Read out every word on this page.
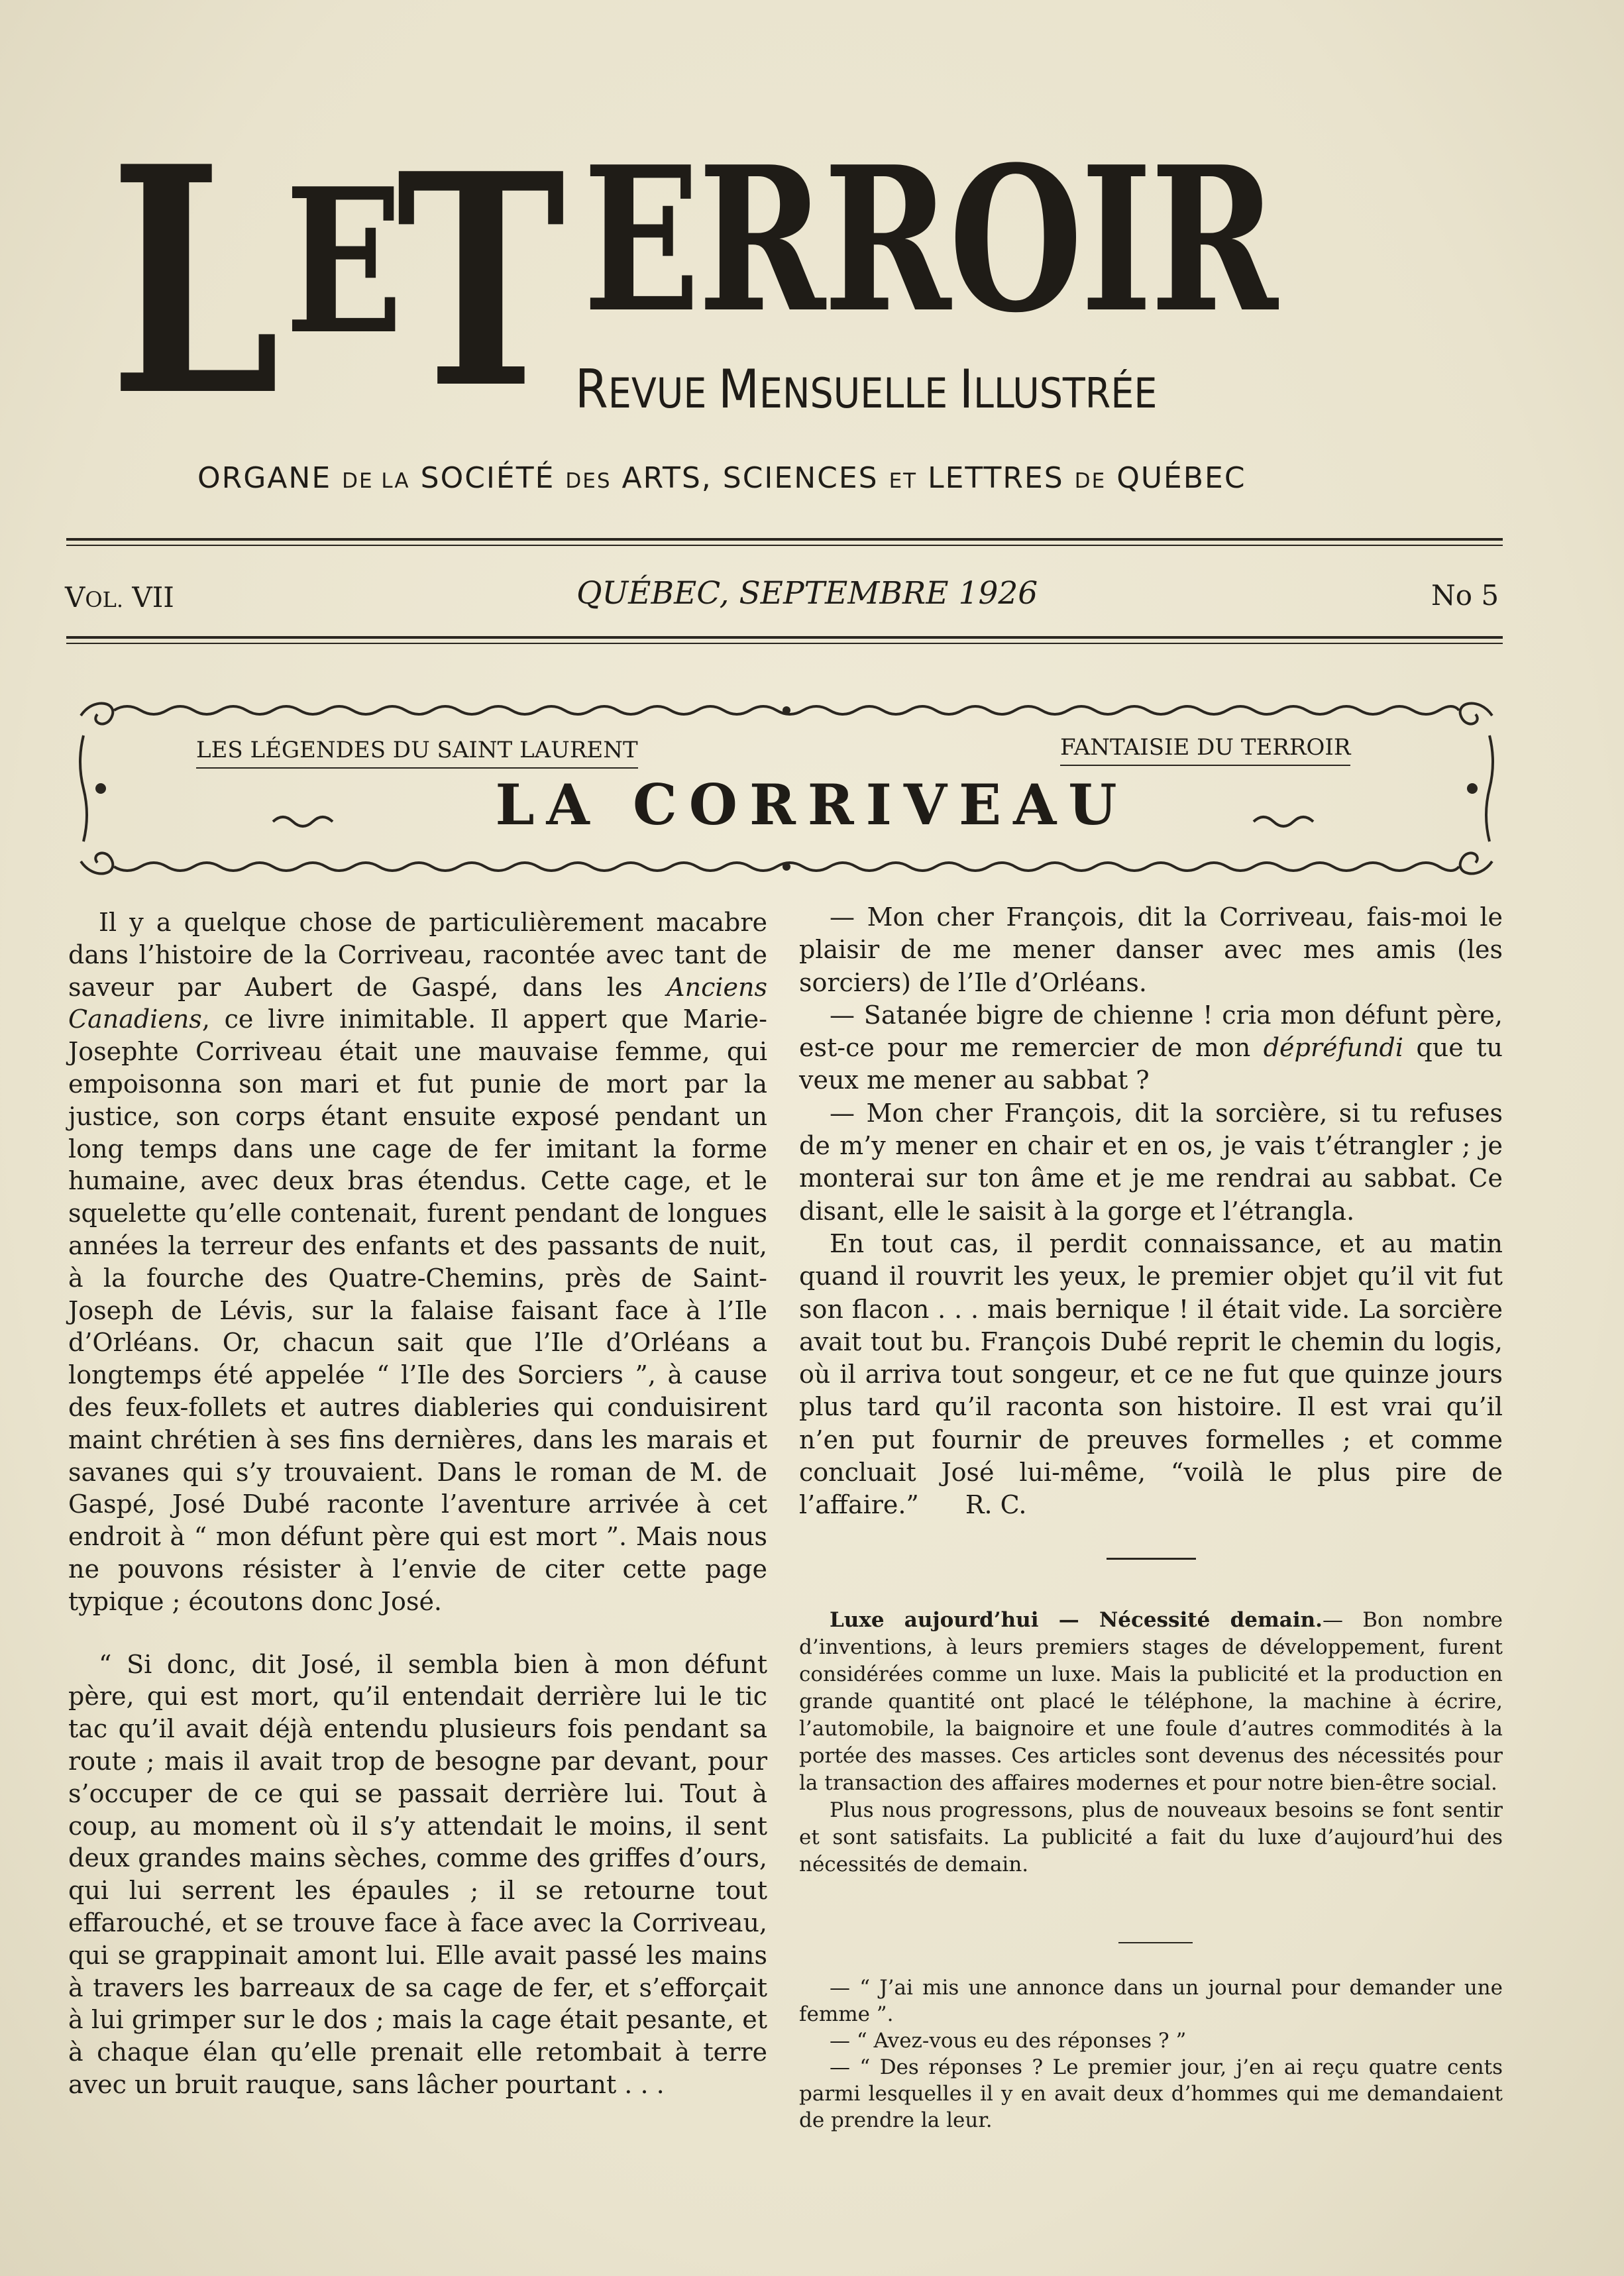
L E
T ERROIR
REVUE MENSUELLE ILLUSTRÉE
ORGANE DE LA SOCIÉTÉ DES ARTS, SCIENCES ET LETTRES DE QUÉBEC
VOL. VII	QUÉBEC, SEPTEMBRE 1926	No 5
LES LÉGENDES DU SAINT LAURENT	FANTAISIE DU TERROIR
LA CORRIVEAU

Il y a quelque chose de particulièrement macabre dans l’histoire de la Corriveau, racontée avec tant de saveur par Aubert de Gaspé, dans les Anciens Canadiens, ce livre inimitable. Il appert que Marie-Josephte Corriveau était une mauvaise femme, qui empoisonna son mari et fut punie de mort par la justice, son corps étant ensuite exposé pendant un long temps dans une cage de fer imitant la forme humaine, avec deux bras étendus. Cette cage, et le squelette qu’elle contenait, furent pendant de longues années la terreur des enfants et des passants de nuit, à la fourche des Quatre-Chemins, près de Saint-Joseph de Lévis, sur la falaise faisant face à l’Ile d’Orléans. Or, chacun sait que l’Ile d’Orléans a longtemps été appelée “ l’Ile des Sorciers ”, à cause des feux-follets et autres diableries qui conduisirent maint chrétien à ses fins dernières, dans les marais et savanes qui s’y trouvaient. Dans le roman de M. de Gaspé, José Dubé raconte l’aventure arrivée à cet endroit à “ mon défunt père qui est mort ”. Mais nous ne pouvons résister à l’envie de citer cette page typique ; écoutons donc José.

“ Si donc, dit José, il sembla bien à mon défunt père, qui est mort, qu’il entendait derrière lui le tic tac qu’il avait déjà entendu plusieurs fois pendant sa route ; mais il avait trop de besogne par devant, pour s’occuper de ce qui se passait derrière lui. Tout à coup, au moment où il s’y attendait le moins, il sent deux grandes mains sèches, comme des griffes d’ours, qui lui serrent les épaules ; il se retourne tout effarouché, et se trouve face à face avec la Corriveau, qui se grappinait amont lui. Elle avait passé les mains à travers les barreaux de sa cage de fer, et s’efforçait à lui grimper sur le dos ; mais la cage était pesante, et à chaque élan qu’elle prenait elle retombait à terre avec un bruit rauque, sans lâcher pourtant . . .

— Mon cher François, dit la Corriveau, fais-moi le plaisir de me mener danser avec mes amis (les sorciers) de l’Ile d’Orléans.

— Satanée bigre de chienne ! cria mon défunt père, est-ce pour me remercier de mon dépréfundi que tu veux me mener au sabbat ?

— Mon cher François, dit la sorcière, si tu refuses de m’y mener en chair et en os, je vais t’étrangler ; je monterai sur ton âme et je me rendrai au sabbat. Ce disant, elle le saisit à la gorge et l’étrangla.

En tout cas, il perdit connaissance, et au matin quand il rouvrit les yeux, le premier objet qu’il vit fut son flacon . . . mais bernique ! il était vide. La sorcière avait tout bu. François Dubé reprit le chemin du logis, où il arriva tout songeur, et ce ne fut que quinze jours plus tard qu’il raconta son histoire. Il est vrai qu’il n’en put fournir de preuves formelles ; et comme concluait José lui-même, “voilà le plus pire de l’affaire.” R. C.

Luxe aujourd’hui — Nécessité demain.— Bon nombre d’inventions, à leurs premiers stages de développement, furent considérées comme un luxe. Mais la publicité et la production en grande quantité ont placé le téléphone, la machine à écrire, l’automobile, la baignoire et une foule d’autres commodités à la portée des masses. Ces articles sont devenus des nécessités pour la transaction des affaires modernes et pour notre bien-être social.

Plus nous progressons, plus de nouveaux besoins se font sentir et sont satisfaits. La publicité a fait du luxe d’aujourd’hui des nécessités de demain.

— “ J’ai mis une annonce dans un journal pour demander une femme ”.

— “ Avez-vous eu des réponses ? ”

— “ Des réponses ? Le premier jour, j’en ai reçu quatre cents parmi lesquelles il y en avait deux d’hommes qui me demandaient de prendre la leur.
